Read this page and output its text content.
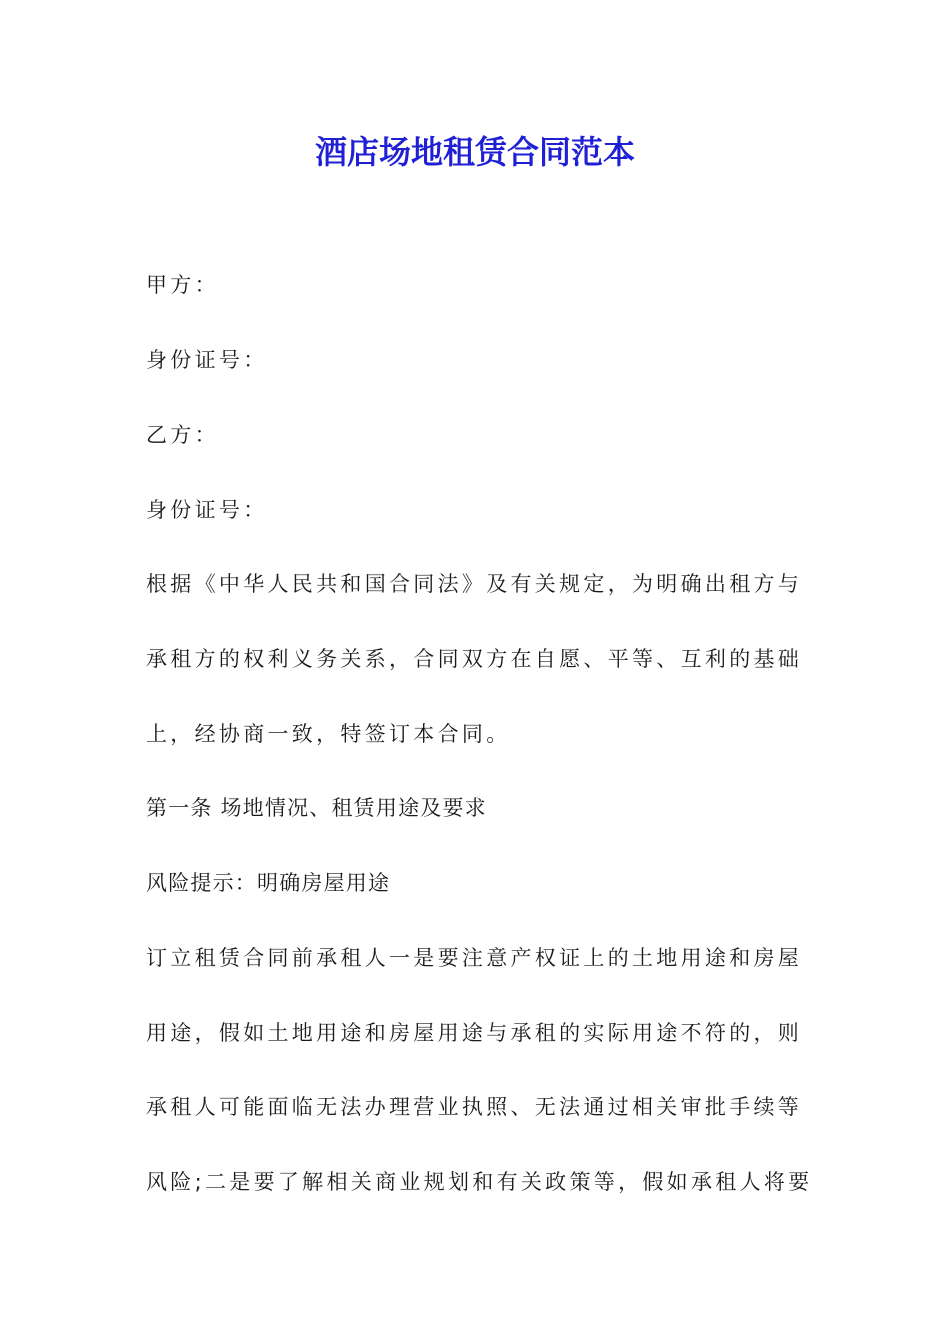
酒店场地租赁合同范本

甲方：

身份证号：

乙方：

身份证号：

根据《中华人民共和国合同法》及有关规定，为明确出租方与

承租方的权利义务关系，合同双方在自愿、平等、互利的基础

上，经协商一致，特签订本合同。

第一条 场地情况、租赁用途及要求

风险提示：明确房屋用途

订立租赁合同前承租人一是要注意产权证上的土地用途和房屋

用途，假如土地用途和房屋用途与承租的实际用途不符的，则

承租人可能面临无法办理营业执照、无法通过相关审批手续等

风险;二是要了解相关商业规划和有关政策等，假如承租人将要
